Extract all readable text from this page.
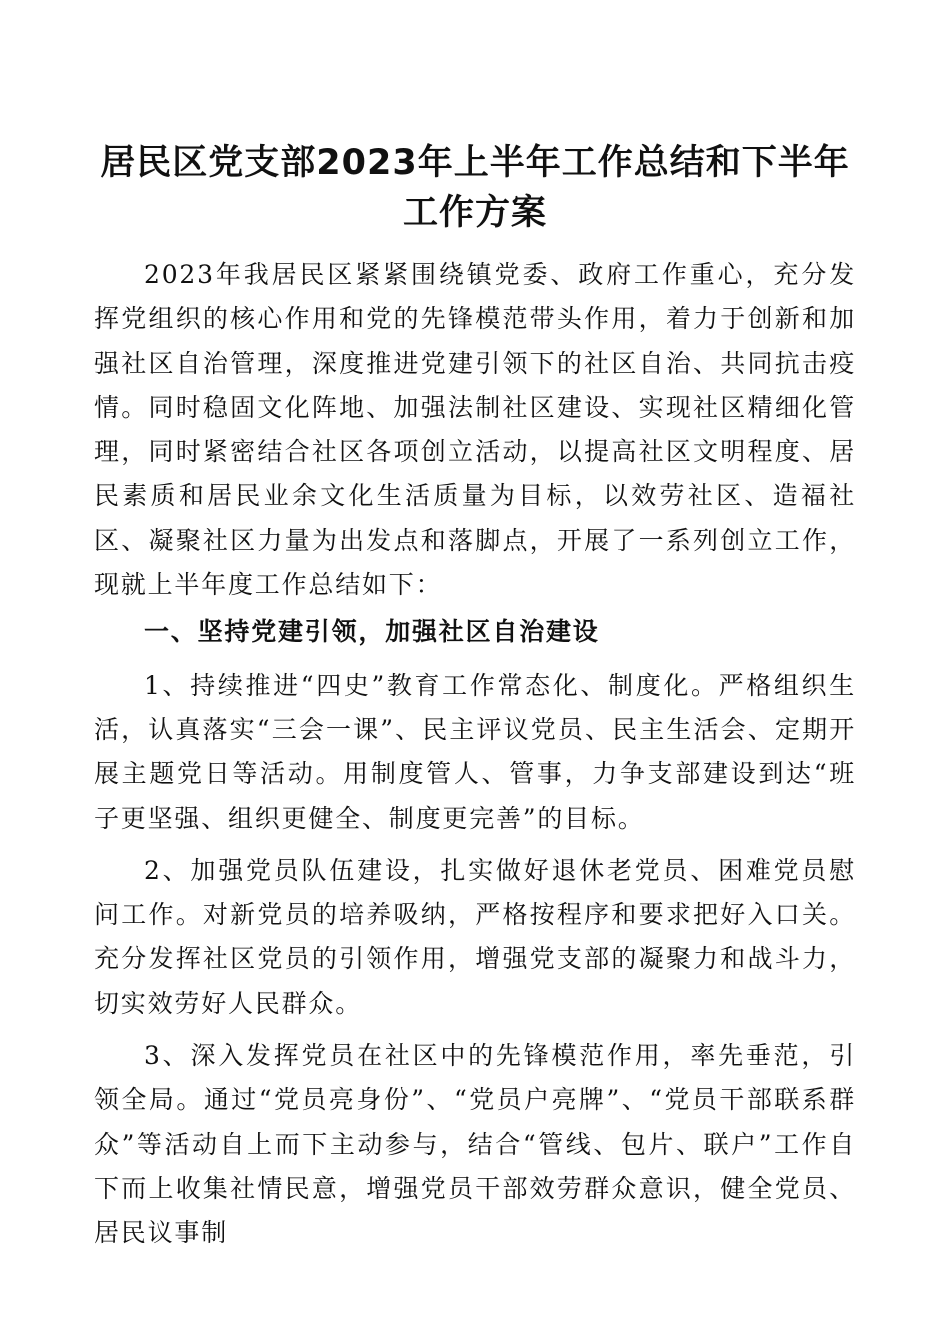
居民区党支部2023年上半年工作总结和下半年工作方案

2023年我居民区紧紧围绕镇党委、政府工作重心，充分发挥党组织的核心作用和党的先锋模范带头作用，着力于创新和加强社区自治管理，深度推进党建引领下的社区自治、共同抗击疫情。同时稳固文化阵地、加强法制社区建设、实现社区精细化管理，同时紧密结合社区各项创立活动，以提高社区文明程度、居民素质和居民业余文化生活质量为目标，以效劳社区、造福社区、凝聚社区力量为出发点和落脚点，开展了一系列创立工作，现就上半年度工作总结如下：

一、坚持党建引领，加强社区自治建设

1、持续推进“四史”教育工作常态化、制度化。严格组织生活，认真落实“三会一课”、民主评议党员、民主生活会、定期开展主题党日等活动。用制度管人、管事，力争支部建设到达“班子更坚强、组织更健全、制度更完善”的目标。

2、加强党员队伍建设，扎实做好退休老党员、困难党员慰问工作。对新党员的培养吸纳，严格按程序和要求把好入口关。充分发挥社区党员的引领作用，增强党支部的凝聚力和战斗力，切实效劳好人民群众。

3、深入发挥党员在社区中的先锋模范作用，率先垂范，引领全局。通过“党员亮身份”、“党员户亮牌”、“党员干部联系群众”等活动自上而下主动参与，结合“管线、包片、联户”工作自下而上收集社情民意，增强党员干部效劳群众意识，健全党员、居民议事制
